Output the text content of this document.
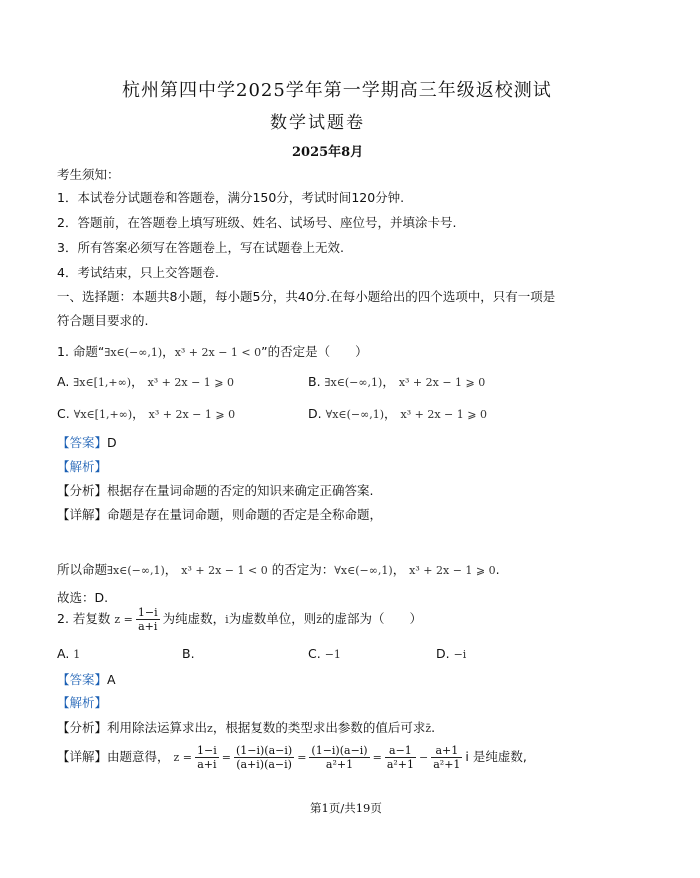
杭州第四中学2025学年第一学期高三年级返校测试
数学试题卷
2025年8月
考生须知：
1．本试卷分试题卷和答题卷，满分150分，考试时间120分钟.
2．答题前，在答题卷上填写班级、姓名、试场号、座位号，并填涂卡号.
3．所有答案必须写在答题卷上，写在试题卷上无效.
4．考试结束，只上交答题卷.
一、选择题：本题共8小题，每小题5分，共40分.在每小题给出的四个选项中，只有一项是
符合题目要求的.
1. 命题“∃x∈(−∞,1)，x³ + 2x − 1 < 0”的否定是（　　）
A. ∃x∈[1,+∞)， x³ + 2x − 1 ⩾ 0	B. ∃x∈(−∞,1)， x³ + 2x − 1 ⩾ 0
C. ∀x∈[1,+∞)， x³ + 2x − 1 ⩾ 0	D. ∀x∈(−∞,1)， x³ + 2x − 1 ⩾ 0
【答案】D
【解析】
【分析】根据存在量词命题的否定的知识来确定正确答案.
【详解】命题是存在量词命题，则命题的否定是全称命题，
所以命题∃x∈(−∞,1)， x³ + 2x − 1 < 0 的否定为：∀x∈(−∞,1)， x³ + 2x − 1 ⩾ 0.
故选：D.
2. 若复数 $z = \frac{1-i}{a+i}$ 为纯虚数，i为虚数单位，则z̄的虚部为（　　）
A. 1	B.	C. −1	D. −i
【答案】A
【解析】
【分析】利用除法运算求出z，根据复数的类型求出参数的值后可求z̄.
【详解】由题意得， $z = \frac{1-i}{a+i} = \frac{(1-i)(a-i)}{(a+i)(a-i)} = \frac{(1-i)(a-i)}{\text{a²+1}} = \frac{a-1}{\text{a²+1}} - \frac{a+1}{\text{a²+1}}$ i 是纯虚数,
第1页/共19页
